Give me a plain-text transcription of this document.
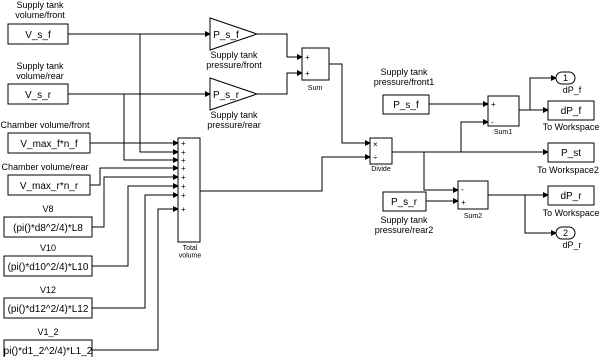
Supply tank volume/front
V_s_f
Supply tank volume/rear
V_s_r
Chamber volume/front
V_max_f*n_f
Chamber volume/rear
V_max_r*n_r
V8
(pi()*d8^2/4)*L8
V10
(pi()*d10^2/4)*L10
V12
(pi()*d12^2/4)*L12
V1_2
pi()*d1_2^2/4)*L1_2
P_s_f
Supply tank pressure/front
P_s_r
Supply tank pressure/rear
+
+
Sum
+
-
Sum1
-
+
Sum2
+
+
+
+
+
+
+
+
Total volume
×
÷
Divide
Supply tank pressure/front1
P_s_f
P_s_r
Supply tank pressure/rear2
dP_f
To Workspace
P_st
To Workspace2
dP_r
To Workspace
1
dP_f
2
dP_r
